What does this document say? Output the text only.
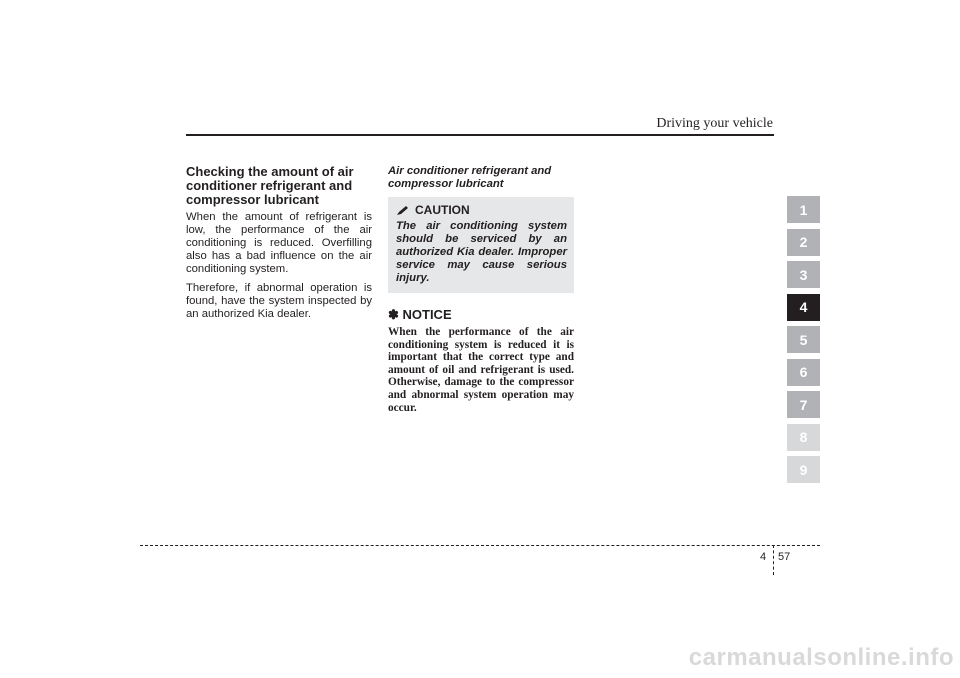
Driving your vehicle
Checking the amount of air conditioner refrigerant and compressor lubricant

When the amount of refrigerant is low, the performance of the air conditioning is reduced. Overfilling also has a bad influence on the air conditioning system.

Therefore, if abnormal operation is found, have the system inspected by an authorized Kia dealer.

Air conditioner refrigerant and compressor lubricant
CAUTION

The air conditioning system should be serviced by an authorized Kia dealer. Improper service may cause serious injury.

✽ NOTICE

When the performance of the air conditioning system is reduced it is important that the correct type and amount of oil and refrigerant is used. Otherwise, damage to the compressor and abnormal system operation may occur.

1
2
3
4
5
6
7
8
9
4 57
carmanualsonline.info
